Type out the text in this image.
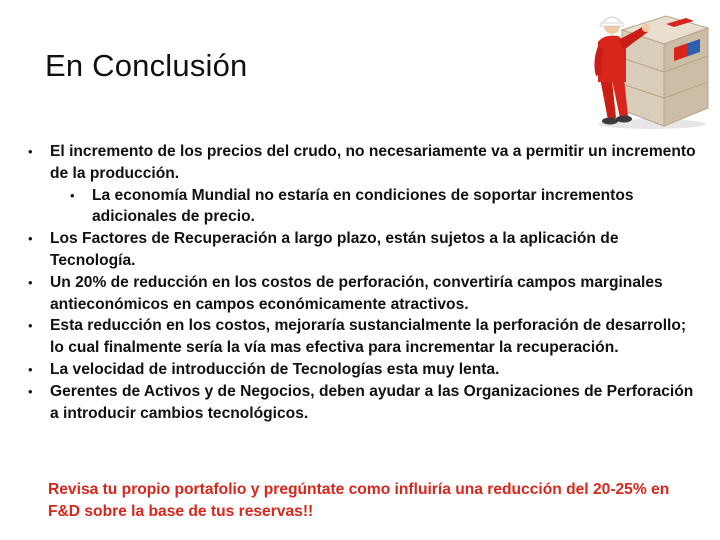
En Conclusión
• El incremento de los precios del crudo, no necesariamente va a permitir un incremento de la producción.
• La economía Mundial no estaría en condiciones de soportar incrementos adicionales de precio.
• Los Factores de Recuperación a largo plazo, están sujetos a la aplicación de Tecnología.
• Un 20% de reducción en los costos de perforación, convertiría campos marginales antieconómicos en campos económicamente atractivos.
• Esta reducción en los costos, mejoraría sustancialmente la perforación de desarrollo; lo cual finalmente sería la vía mas efectiva para incrementar la recuperación.
• La velocidad de introducción de Tecnologías esta muy lenta.
• Gerentes de Activos y de Negocios, deben ayudar a las Organizaciones de Perforación a introducir cambios tecnológicos.
Revisa tu propio portafolio y pregúntate como influiría una reducción del 20-25% en F&D sobre la base de tus reservas!!
